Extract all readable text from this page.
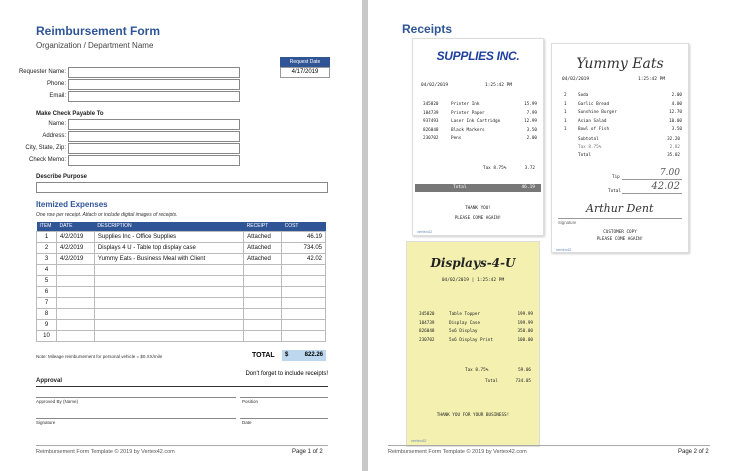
Reimbursement Form
Organization / Department Name
Request Date
4/17/2019
Requester Name:
Phone:
Email:
Make Check Payable To
Name:
Address:
City, State, Zip:
Check Memo:
Describe Purpose
Itemized Expenses
One row per receipt. Attach or include digital images of receipts.
ITEM	DATE	DESCRIPTION	RECEIPT	COST
1	4/2/2019	Supplies Inc - Office Supplies	Attached	46.19
2	4/2/2019	Displays 4 U - Table top display case	Attached	734.05
3	4/2/2019	Yummy Eats - Business Meal with Client	Attached	42.02
4				
5				
6				
7				
8				
9				
10				
Note: Mileage reimbursement for personal vehicle = $0.XX/mile	TOTAL $	822.26
Don't forget to include receipts!
Approval
Approved By (Name)	Position
Signature	Date
Reimbursement Form Template © 2019 by Vertex42.com	Page 1 of 2
Receipts
SUPPLIES INC.
04/02/2019	1:25:42 PM
345820	Printer Ink	15.99
104739	Printer Paper	7.99
937493	Laser Ink Cartridge	12.99
826048	Black Markers	3.50
230702	Pens	2.00
Tax 8.75%	3.72
Total	46.19
THANK YOU!
PLEASE COME AGAIN!
vertex42
Yummy Eats
04/02/2019	1:25:42 PM
2	Soda	2.00
1	Garlic Bread	4.00
1	Sunshine Burger	12.70
1	Asian Salad	10.00
1	Bowl of Fish	3.50
Subtotal	32.20
Tax 8.75%	2.82
Total	35.02
Tip	7.00
Total	42.02
Arthur Dent
Signature
CUSTOMER COPY
PLEASE COME AGAIN!
vertex42
Displays-4-U
04/02/2019 | 1:25:42 PM
345820	Table Topper	199.99
104739	Display Case	199.99
826048	5x6 Display	350.00
230702	5x6 Display Print	100.00
Tax 8.75%	59.06
Total	734.05
THANK YOU FOR YOUR BUSINESS!
vertex42
Reimbursement Form Template © 2019 by Vertex42.com	Page 2 of 2
